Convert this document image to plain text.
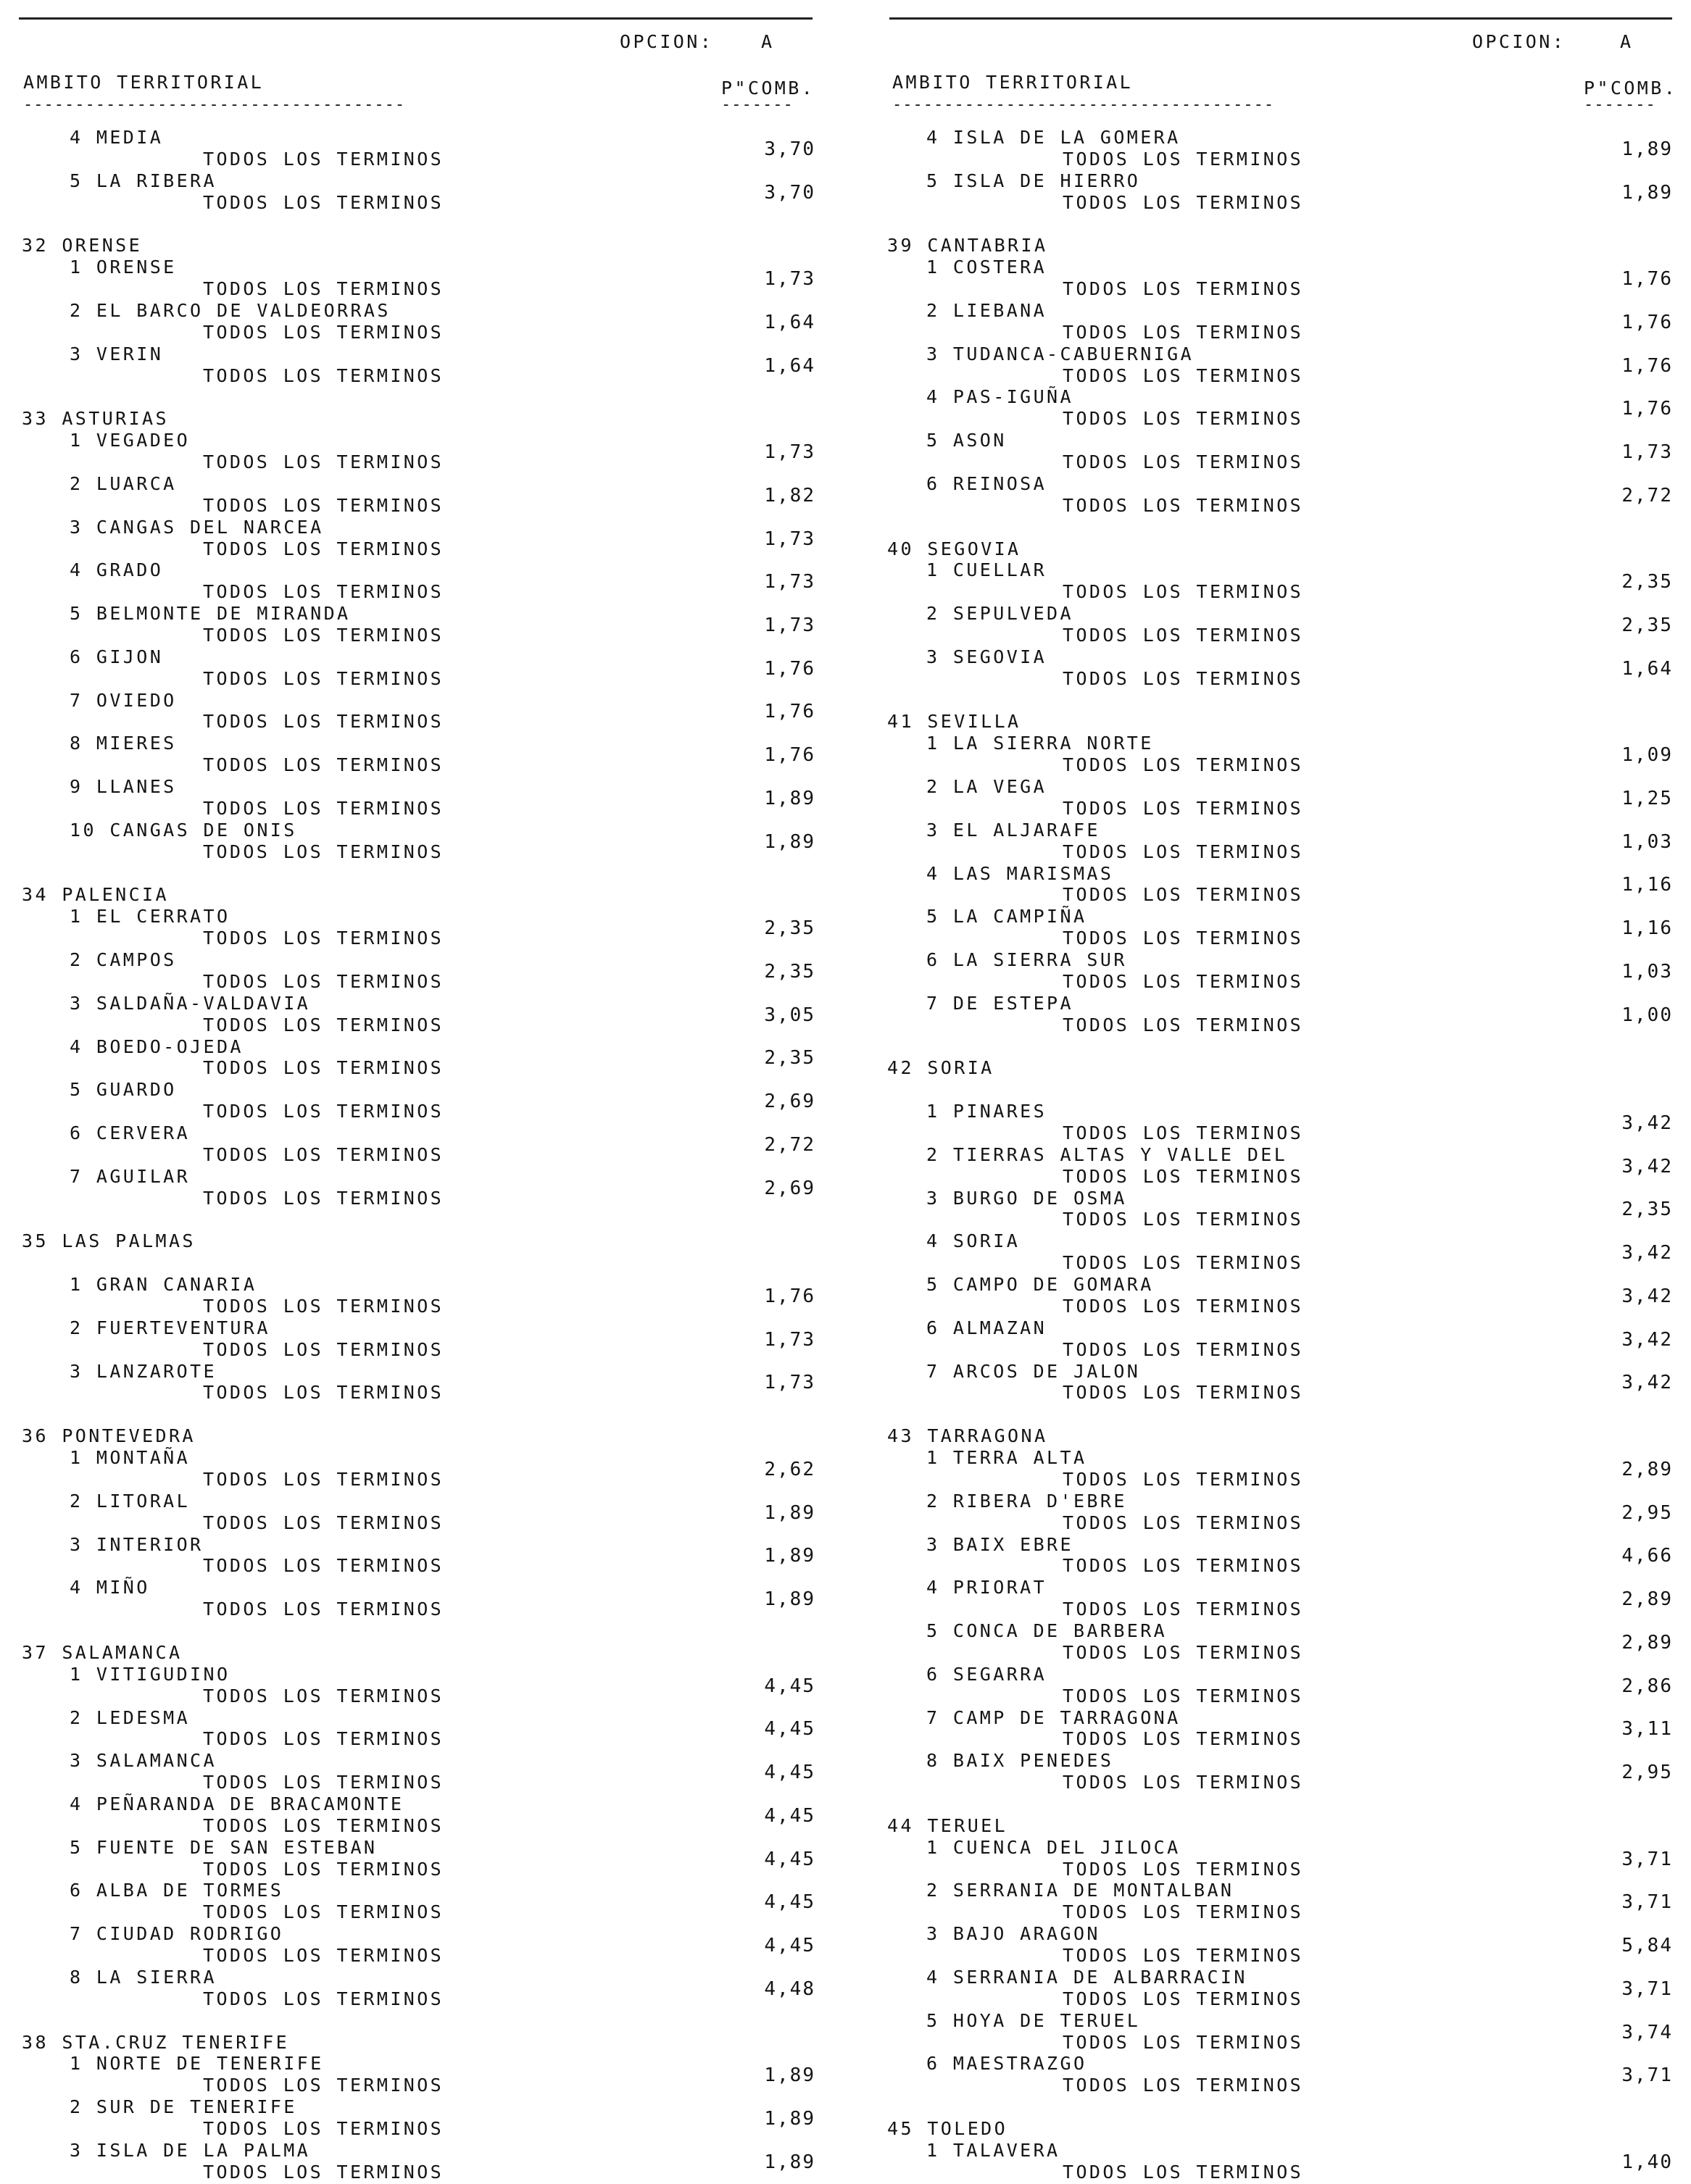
OPCION:	A
AMBITO TERRITORIAL	P"COMB.
-------------------------------------	-------
4 MEDIA
TODOS LOS TERMINOS	3,70
5 LA RIBERA
TODOS LOS TERMINOS	3,70
32 ORENSE
1 ORENSE
TODOS LOS TERMINOS	1,73
2 EL BARCO DE VALDEORRAS
TODOS LOS TERMINOS	1,64
3 VERIN
TODOS LOS TERMINOS	1,64
33 ASTURIAS
1 VEGADEO
TODOS LOS TERMINOS	1,73
2 LUARCA
TODOS LOS TERMINOS	1,82
3 CANGAS DEL NARCEA
TODOS LOS TERMINOS	1,73
4 GRADO
TODOS LOS TERMINOS	1,73
5 BELMONTE DE MIRANDA
TODOS LOS TERMINOS	1,73
6 GIJON
TODOS LOS TERMINOS	1,76
7 OVIEDO
TODOS LOS TERMINOS	1,76
8 MIERES
TODOS LOS TERMINOS	1,76
9 LLANES
TODOS LOS TERMINOS	1,89
10 CANGAS DE ONIS
TODOS LOS TERMINOS	1,89
34 PALENCIA
1 EL CERRATO
TODOS LOS TERMINOS	2,35
2 CAMPOS
TODOS LOS TERMINOS	2,35
3 SALDAÑA-VALDAVIA
TODOS LOS TERMINOS	3,05
4 BOEDO-OJEDA
TODOS LOS TERMINOS	2,35
5 GUARDO
TODOS LOS TERMINOS	2,69
6 CERVERA
TODOS LOS TERMINOS	2,72
7 AGUILAR
TODOS LOS TERMINOS	2,69
35 LAS PALMAS
1 GRAN CANARIA
TODOS LOS TERMINOS	1,76
2 FUERTEVENTURA
TODOS LOS TERMINOS	1,73
3 LANZAROTE
TODOS LOS TERMINOS	1,73
36 PONTEVEDRA
1 MONTAÑA
TODOS LOS TERMINOS	2,62
2 LITORAL
TODOS LOS TERMINOS	1,89
3 INTERIOR
TODOS LOS TERMINOS	1,89
4 MIÑO
TODOS LOS TERMINOS	1,89
37 SALAMANCA
1 VITIGUDINO
TODOS LOS TERMINOS	4,45
2 LEDESMA
TODOS LOS TERMINOS	4,45
3 SALAMANCA
TODOS LOS TERMINOS	4,45
4 PEÑARANDA DE BRACAMONTE
TODOS LOS TERMINOS	4,45
5 FUENTE DE SAN ESTEBAN
TODOS LOS TERMINOS	4,45
6 ALBA DE TORMES
TODOS LOS TERMINOS	4,45
7 CIUDAD RODRIGO
TODOS LOS TERMINOS	4,45
8 LA SIERRA
TODOS LOS TERMINOS	4,48
38 STA.CRUZ TENERIFE
1 NORTE DE TENERIFE
TODOS LOS TERMINOS	1,89
2 SUR DE TENERIFE
TODOS LOS TERMINOS	1,89
3 ISLA DE LA PALMA
TODOS LOS TERMINOS	1,89
OPCION:	A
AMBITO TERRITORIAL	P"COMB.
-------------------------------------	-------
4 ISLA DE LA GOMERA
TODOS LOS TERMINOS	1,89
5 ISLA DE HIERRO
TODOS LOS TERMINOS	1,89
39 CANTABRIA
1 COSTERA
TODOS LOS TERMINOS	1,76
2 LIEBANA
TODOS LOS TERMINOS	1,76
3 TUDANCA-CABUERNIGA
TODOS LOS TERMINOS	1,76
4 PAS-IGUÑA
TODOS LOS TERMINOS	1,76
5 ASON
TODOS LOS TERMINOS	1,73
6 REINOSA
TODOS LOS TERMINOS	2,72
40 SEGOVIA
1 CUELLAR
TODOS LOS TERMINOS	2,35
2 SEPULVEDA
TODOS LOS TERMINOS	2,35
3 SEGOVIA
TODOS LOS TERMINOS	1,64
41 SEVILLA
1 LA SIERRA NORTE
TODOS LOS TERMINOS	1,09
2 LA VEGA
TODOS LOS TERMINOS	1,25
3 EL ALJARAFE
TODOS LOS TERMINOS	1,03
4 LAS MARISMAS
TODOS LOS TERMINOS	1,16
5 LA CAMPIÑA
TODOS LOS TERMINOS	1,16
6 LA SIERRA SUR
TODOS LOS TERMINOS	1,03
7 DE ESTEPA
TODOS LOS TERMINOS	1,00
42 SORIA
1 PINARES
TODOS LOS TERMINOS	3,42
2 TIERRAS ALTAS Y VALLE DEL
TODOS LOS TERMINOS	3,42
3 BURGO DE OSMA
TODOS LOS TERMINOS	2,35
4 SORIA
TODOS LOS TERMINOS	3,42
5 CAMPO DE GOMARA
TODOS LOS TERMINOS	3,42
6 ALMAZAN
TODOS LOS TERMINOS	3,42
7 ARCOS DE JALON
TODOS LOS TERMINOS	3,42
43 TARRAGONA
1 TERRA ALTA
TODOS LOS TERMINOS	2,89
2 RIBERA D'EBRE
TODOS LOS TERMINOS	2,95
3 BAIX EBRE
TODOS LOS TERMINOS	4,66
4 PRIORAT
TODOS LOS TERMINOS	2,89
5 CONCA DE BARBERA
TODOS LOS TERMINOS	2,89
6 SEGARRA
TODOS LOS TERMINOS	2,86
7 CAMP DE TARRAGONA
TODOS LOS TERMINOS	3,11
8 BAIX PENEDES
TODOS LOS TERMINOS	2,95
44 TERUEL
1 CUENCA DEL JILOCA
TODOS LOS TERMINOS	3,71
2 SERRANIA DE MONTALBAN
TODOS LOS TERMINOS	3,71
3 BAJO ARAGON
TODOS LOS TERMINOS	5,84
4 SERRANIA DE ALBARRACIN
TODOS LOS TERMINOS	3,71
5 HOYA DE TERUEL
TODOS LOS TERMINOS	3,74
6 MAESTRAZGO
TODOS LOS TERMINOS	3,71
45 TOLEDO
1 TALAVERA
TODOS LOS TERMINOS	1,40
